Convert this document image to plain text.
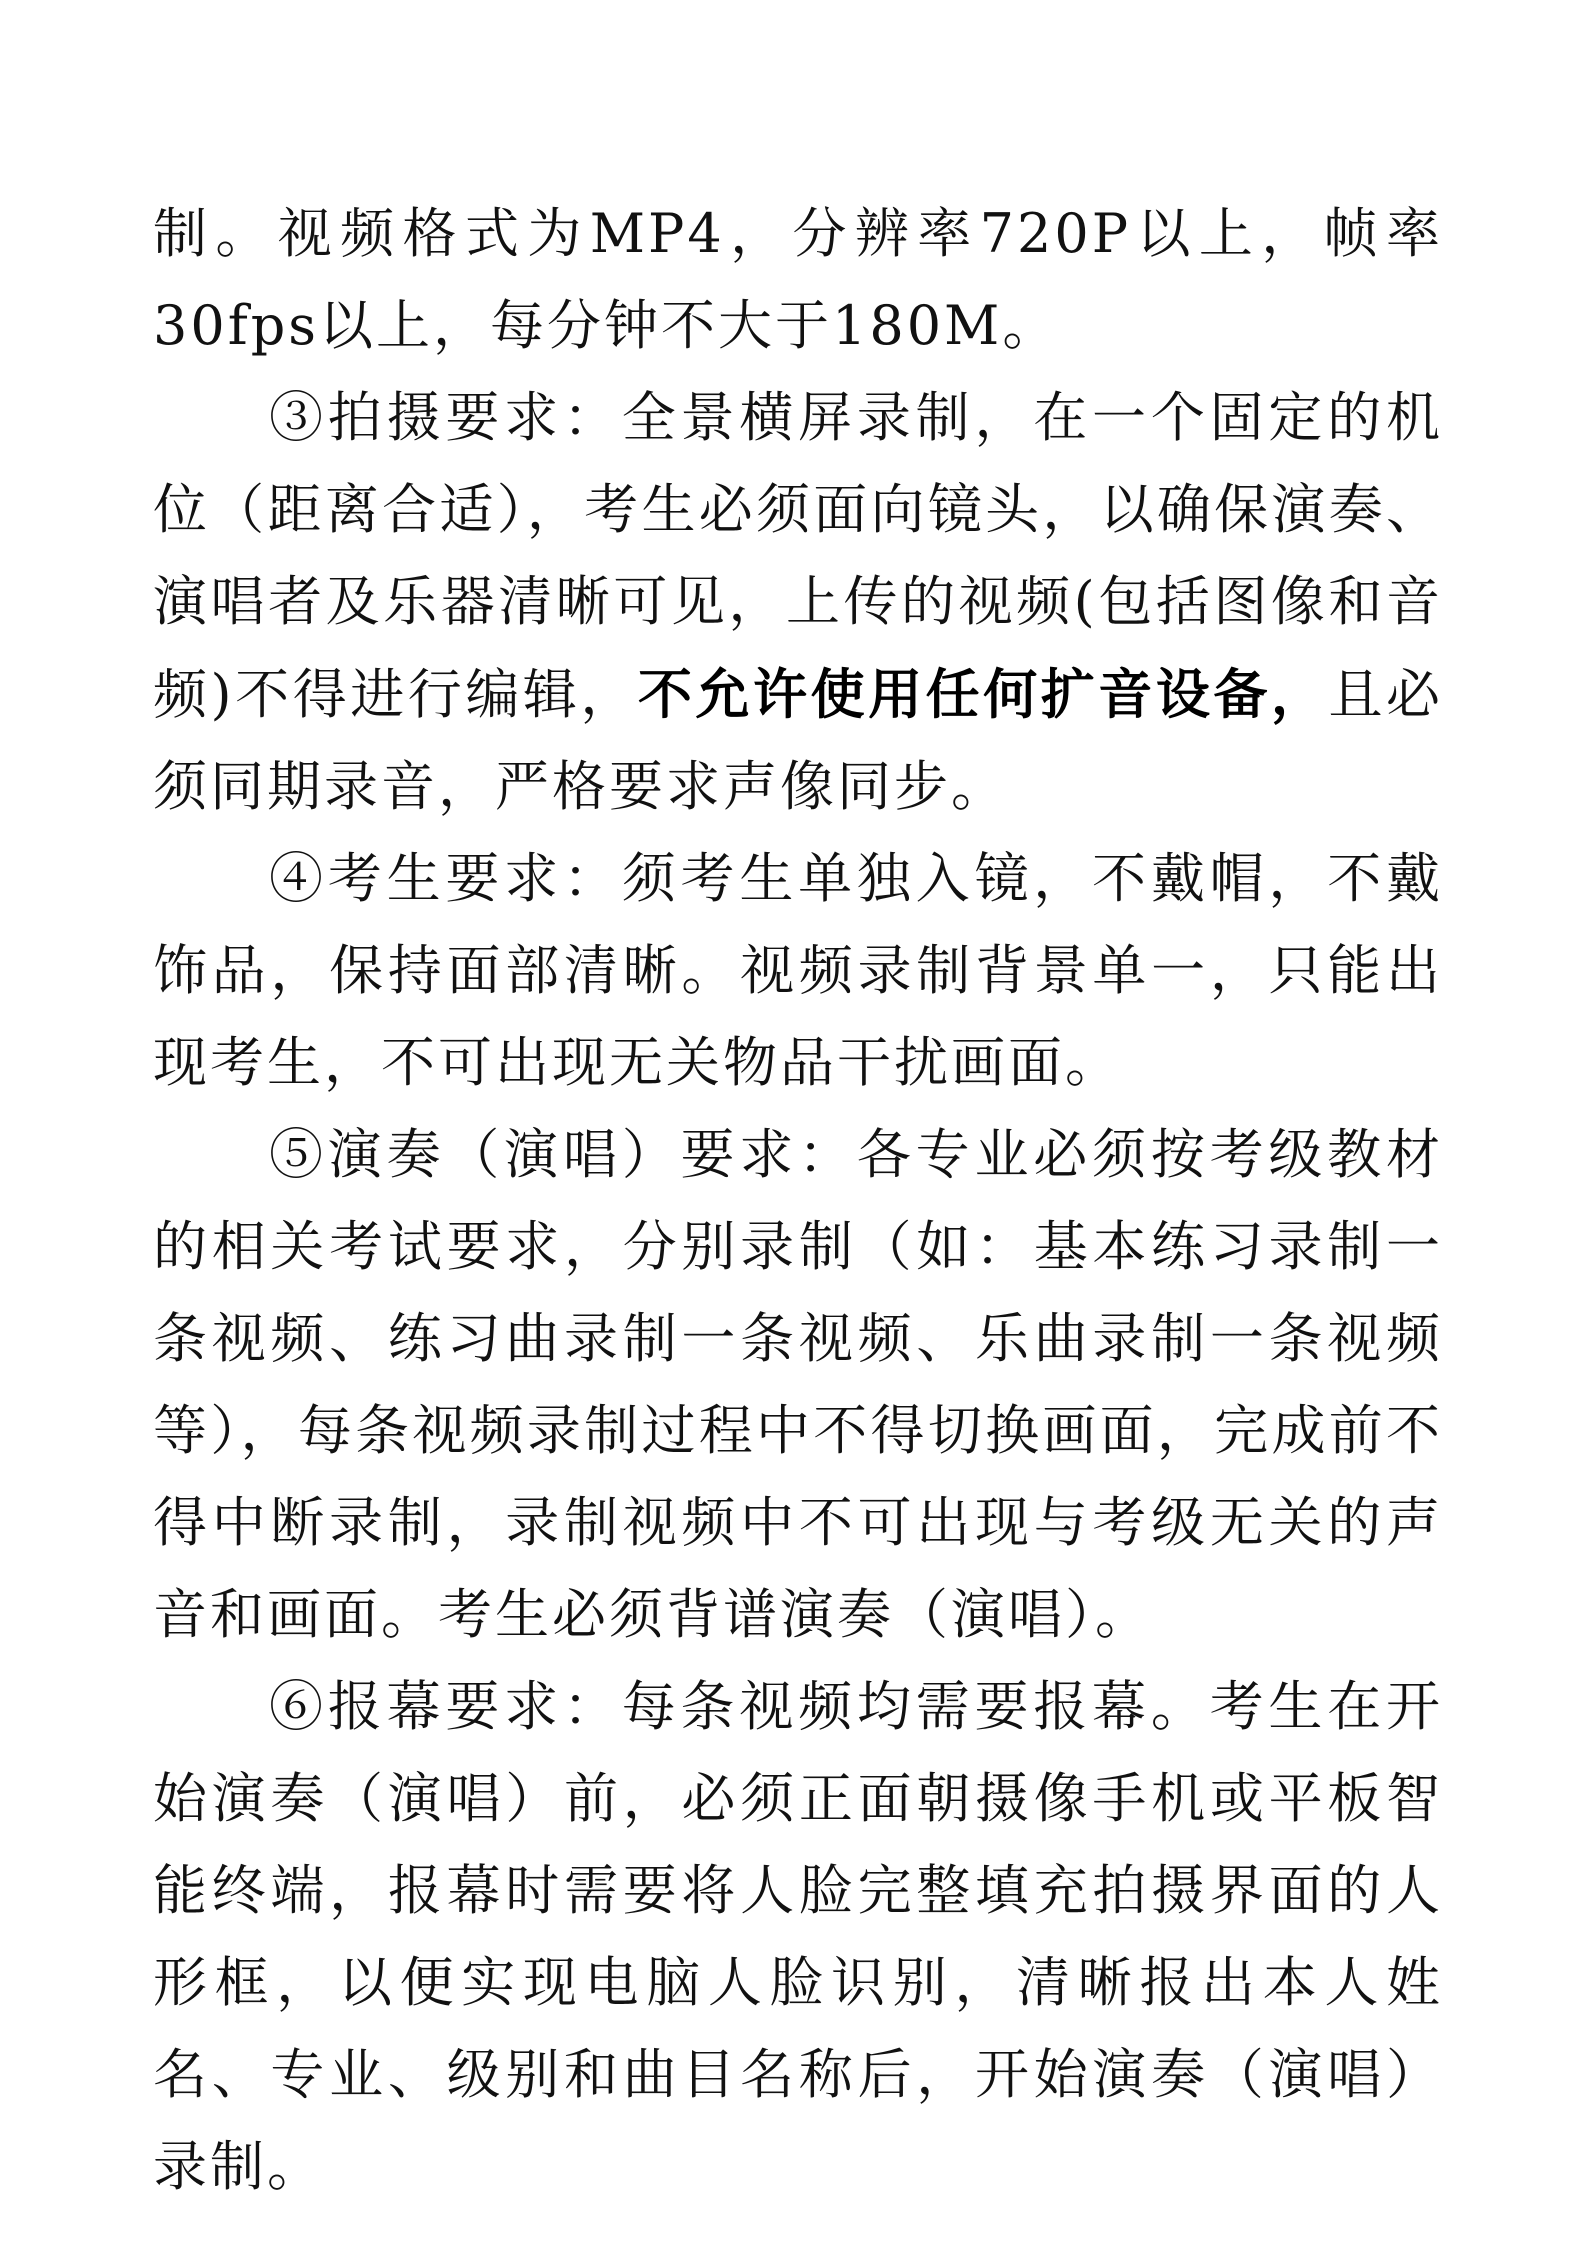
制。视频格式为MP4，分辨率720P以上，帧率30fps以上，每分钟不大于180M。

③拍摄要求：全景横屏录制，在一个固定的机位（距离合适），考生必须面向镜头，以确保演奏、演唱者及乐器清晰可见，上传的视频(包括图像和音频)不得进行编辑，不允许使用任何扩音设备，且必须同期录音，严格要求声像同步。

④考生要求：须考生单独入镜，不戴帽，不戴饰品，保持面部清晰。视频录制背景单一，只能出现考生，不可出现无关物品干扰画面。

⑤演奏（演唱）要求：各专业必须按考级教材的相关考试要求，分别录制（如：基本练习录制一条视频、练习曲录制一条视频、乐曲录制一条视频等），每条视频录制过程中不得切换画面，完成前不得中断录制，录制视频中不可出现与考级无关的声音和画面。考生必须背谱演奏（演唱）。

⑥报幕要求：每条视频均需要报幕。考生在开始演奏（演唱）前，必须正面朝摄像手机或平板智能终端，报幕时需要将人脸完整填充拍摄界面的人形框，以便实现电脑人脸识别，清晰报出本人姓名、专业、级别和曲目名称后，开始演奏（演唱）录制。
